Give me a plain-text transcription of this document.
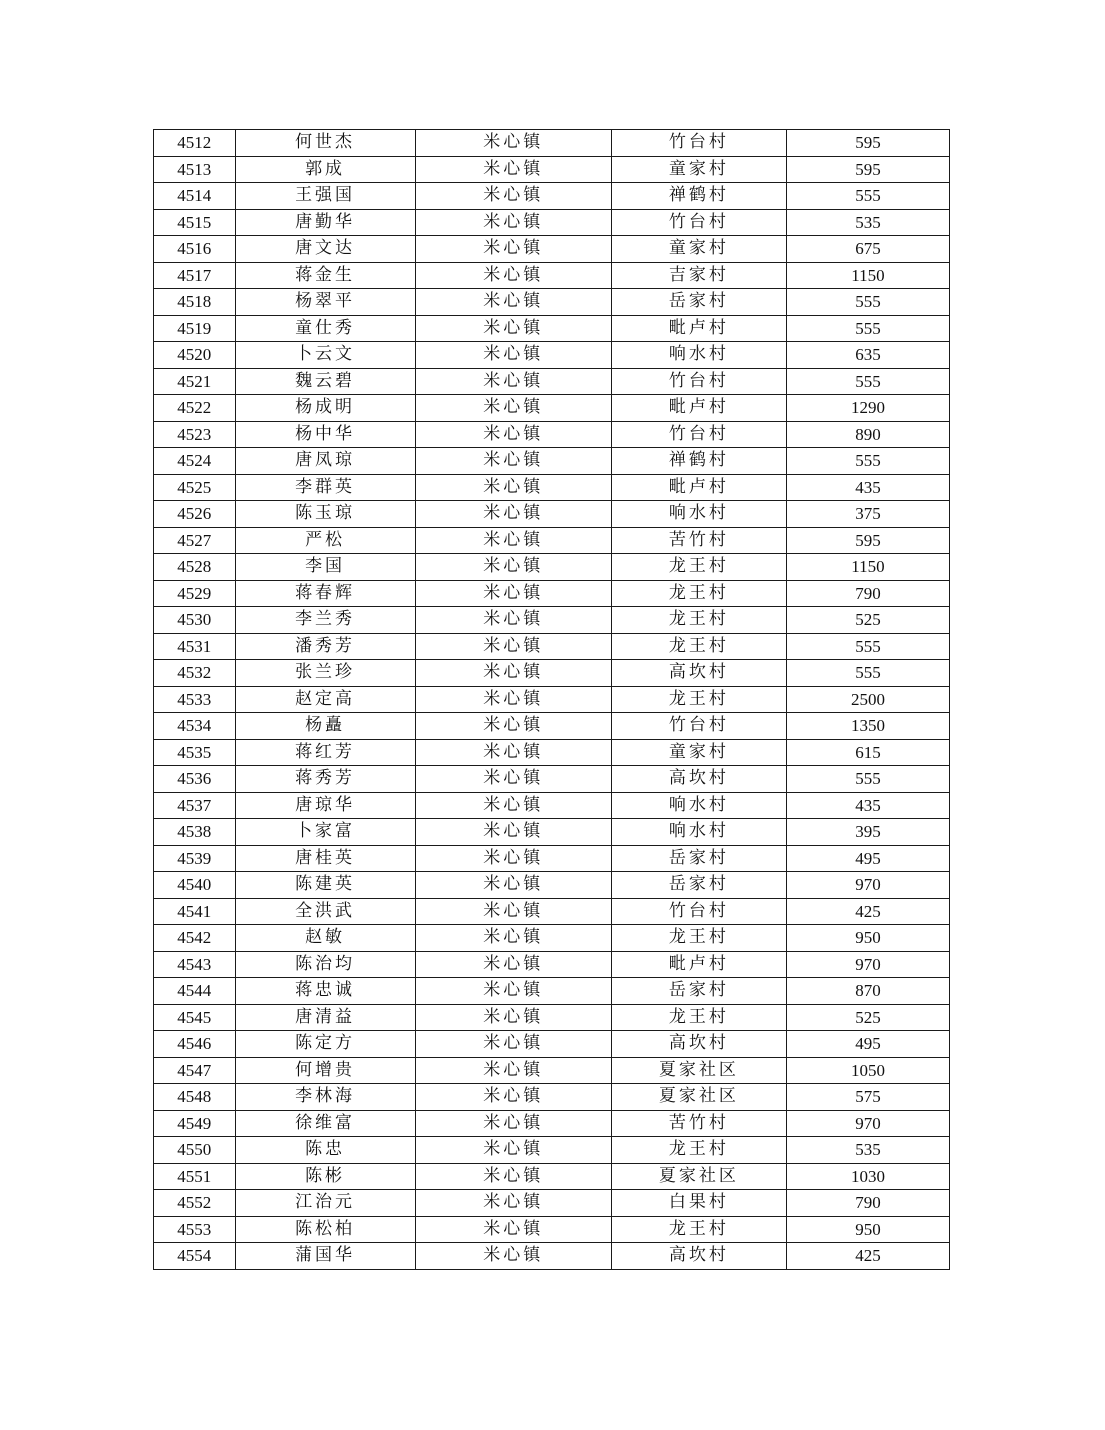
4512	何世杰	米心镇	竹台村	595
4513	郭成	米心镇	童家村	595
4514	王强国	米心镇	禅鹤村	555
4515	唐勤华	米心镇	竹台村	535
4516	唐文达	米心镇	童家村	675
4517	蒋金生	米心镇	吉家村	1150
4518	杨翠平	米心镇	岳家村	555
4519	童仕秀	米心镇	毗卢村	555
4520	卜云文	米心镇	响水村	635
4521	魏云碧	米心镇	竹台村	555
4522	杨成明	米心镇	毗卢村	1290
4523	杨中华	米心镇	竹台村	890
4524	唐凤琼	米心镇	禅鹤村	555
4525	李群英	米心镇	毗卢村	435
4526	陈玉琼	米心镇	响水村	375
4527	严松	米心镇	苦竹村	595
4528	李国	米心镇	龙王村	1150
4529	蒋春辉	米心镇	龙王村	790
4530	李兰秀	米心镇	龙王村	525
4531	潘秀芳	米心镇	龙王村	555
4532	张兰珍	米心镇	高坎村	555
4533	赵定高	米心镇	龙王村	2500
4534	杨矗	米心镇	竹台村	1350
4535	蒋红芳	米心镇	童家村	615
4536	蒋秀芳	米心镇	高坎村	555
4537	唐琼华	米心镇	响水村	435
4538	卜家富	米心镇	响水村	395
4539	唐桂英	米心镇	岳家村	495
4540	陈建英	米心镇	岳家村	970
4541	全洪武	米心镇	竹台村	425
4542	赵敏	米心镇	龙王村	950
4543	陈治均	米心镇	毗卢村	970
4544	蒋忠诚	米心镇	岳家村	870
4545	唐清益	米心镇	龙王村	525
4546	陈定方	米心镇	高坎村	495
4547	何增贵	米心镇	夏家社区	1050
4548	李林海	米心镇	夏家社区	575
4549	徐维富	米心镇	苦竹村	970
4550	陈忠	米心镇	龙王村	535
4551	陈彬	米心镇	夏家社区	1030
4552	江治元	米心镇	白果村	790
4553	陈松柏	米心镇	龙王村	950
4554	蒲国华	米心镇	高坎村	425
